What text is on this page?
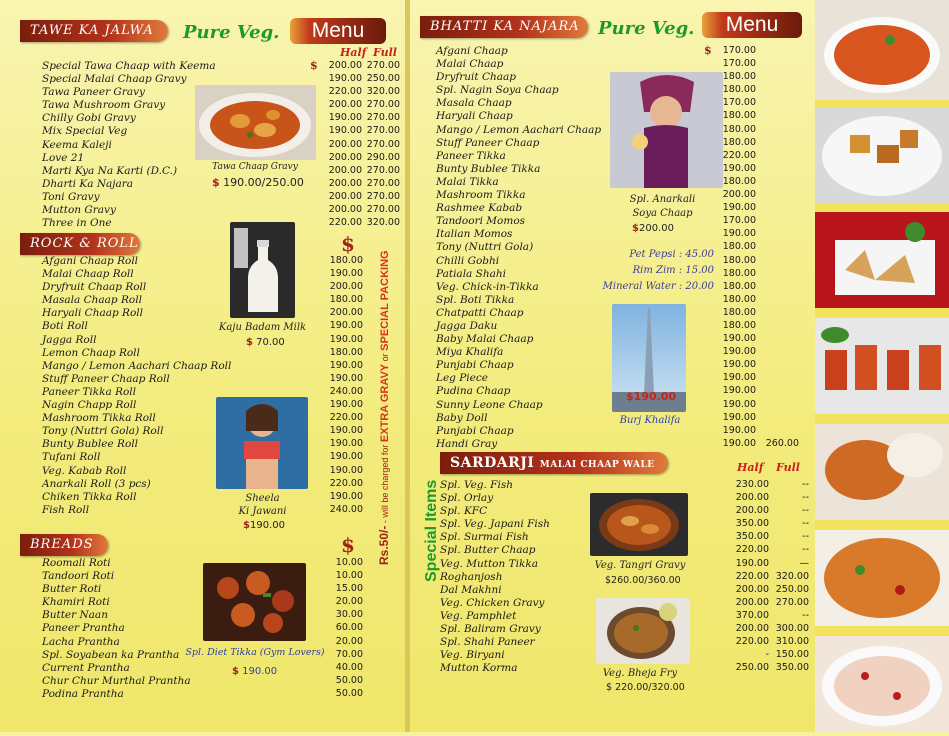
TAWE KA JALWA	Pure Veg.	Menu
Half Full
Special Tawa Chaap with Keema	$	200.00 270.00
Special Malai Chaap Gravy	190.00 250.00
Tawa Paneer Gravy	220.00 320.00
Tawa Mushroom Gravy	200.00 270.00
Chilly Gobi Gravy	190.00 270.00
Mix Special Veg	190.00 270.00
Keema Kaleji	200.00 270.00
Love 21	200.00 290.00
Marti Kya Na Karti (D.C.)	200.00 270.00
Dharti Ka Najara	200.00 270.00
Toni Gravy	200.00 270.00
Mutton Gravy	200.00 270.00
Three in One	220.00 320.00
Tawa Chaap Gravy
$ 190.00/250.00
ROCK & ROLL	$
Afgani Chaap Roll	180.00
Malai Chaap Roll	190.00
Dryfruit Chaap Roll	200.00
Masala Chaap Roll	180.00
Haryali Chaap Roll	200.00
Boti Roll	190.00
Jagga Roll	190.00
Lemon Chaap Roll	180.00
Mango / Lemon Aachari Chaap Roll	190.00
Stuff Paneer Chaap Roll	190.00
Paneer Tikka Roll	240.00
Nagin Chapp Roll	190.00
Mashroom Tikka Roll	220.00
Tony (Nuttri Gola) Roll	190.00
Bunty Bublee Roll	190.00
Tufani Roll	190.00
Veg. Kabab Roll	190.00
Anarkali Roll (3 pcs)	220.00
Chiken Tikka Roll	190.00
Fish Roll	240.00
Kaju Badam Milk
$ 70.00
Sheela
Ki Jawani
$190.00
BREADS	$
Roomali Roti	10.00
Tandoori Roti	10.00
Butter Roti	15.00
Khamiri Roti	20.00
Butter Naan	30.00
Paneer Prantha	60.00
Lacha Prantha	20.00
Spl. Soyabean ka Prantha	70.00
Current Prantha	40.00
Chur Chur Murthal Prantha	50.00
Podina Prantha	50.00
Spl. Diet Tikka (Gym Lovers)
$ 190.00
Rs.50/- - will be charged for EXTRA GRAVY or SPECIAL PACKING
BHATTI KA NAJARA	Pure Veg.	Menu
Afgani Chaap	$	170.00
Malai Chaap	170.00
Dryfruit Chaap	180.00
Spl. Nagin Soya Chaap	180.00
Masala Chaap	170.00
Haryali Chaap	180.00
Mango / Lemon Aachari Chaap	180.00
Stuff Paneer Chaap	180.00
Paneer Tikka	220.00
Bunty Bublee Tikka	190.00
Malai Tikka	180.00
Mashroom Tikka	200.00
Rashmee Kabab	190.00
Tandoori Momos	170.00
Italian Momos	190.00
Tony (Nuttri Gola)	180.00
Chilli Gobhi	180.00
Patiala Shahi	180.00
Veg. Chick-in-Tikka	180.00
Spl. Boti Tikka	180.00
Chatpatti Chaap	180.00
Jagga Daku	180.00
Baby Malai Chaap	190.00
Miya Khalifa	190.00
Punjabi Chaap	190.00
Leg Piece	190.00
Pudina Chaap	190.00
Sunny Leone Chaap	190.00
Baby Doll	190.00
Punjabi Chaap	190.00
Handi Gray	190.00	260.00
Spl. Anarkali
Soya Chaap
$200.00
Pet Pepsi : 45.00
Rim Zim : 15.00
Mineral Water : 20.00
$190.00
Burj Khalifa
SARDARJI MALAI CHAAP WALE
Special Items
Half Full
Spl. Veg. Fish	230.00	--
Spl. Orlay	200.00	--
Spl. KFC	200.00	--
Spl. Veg. Japani Fish	350.00	--
Spl. Surmai Fish	350.00	--
Spl. Butter Chaap	220.00	--
Veg. Mutton Tikka	190.00	—
Roghanjosh	220.00 320.00
Dal Makhni	200.00 250.00
Veg. Chicken Gravy	200.00 270.00
Veg. Pamphlet	370.00	--
Spl. Baliram Gravy	200.00 300.00
Spl. Shahi Paneer	220.00 310.00
Veg. Biryani	- 150.00
Mutton Korma	250.00 350.00
Veg. Tangri Gravy
$260.00/360.00
Veg. Bheja Fry
$ 220.00/320.00
